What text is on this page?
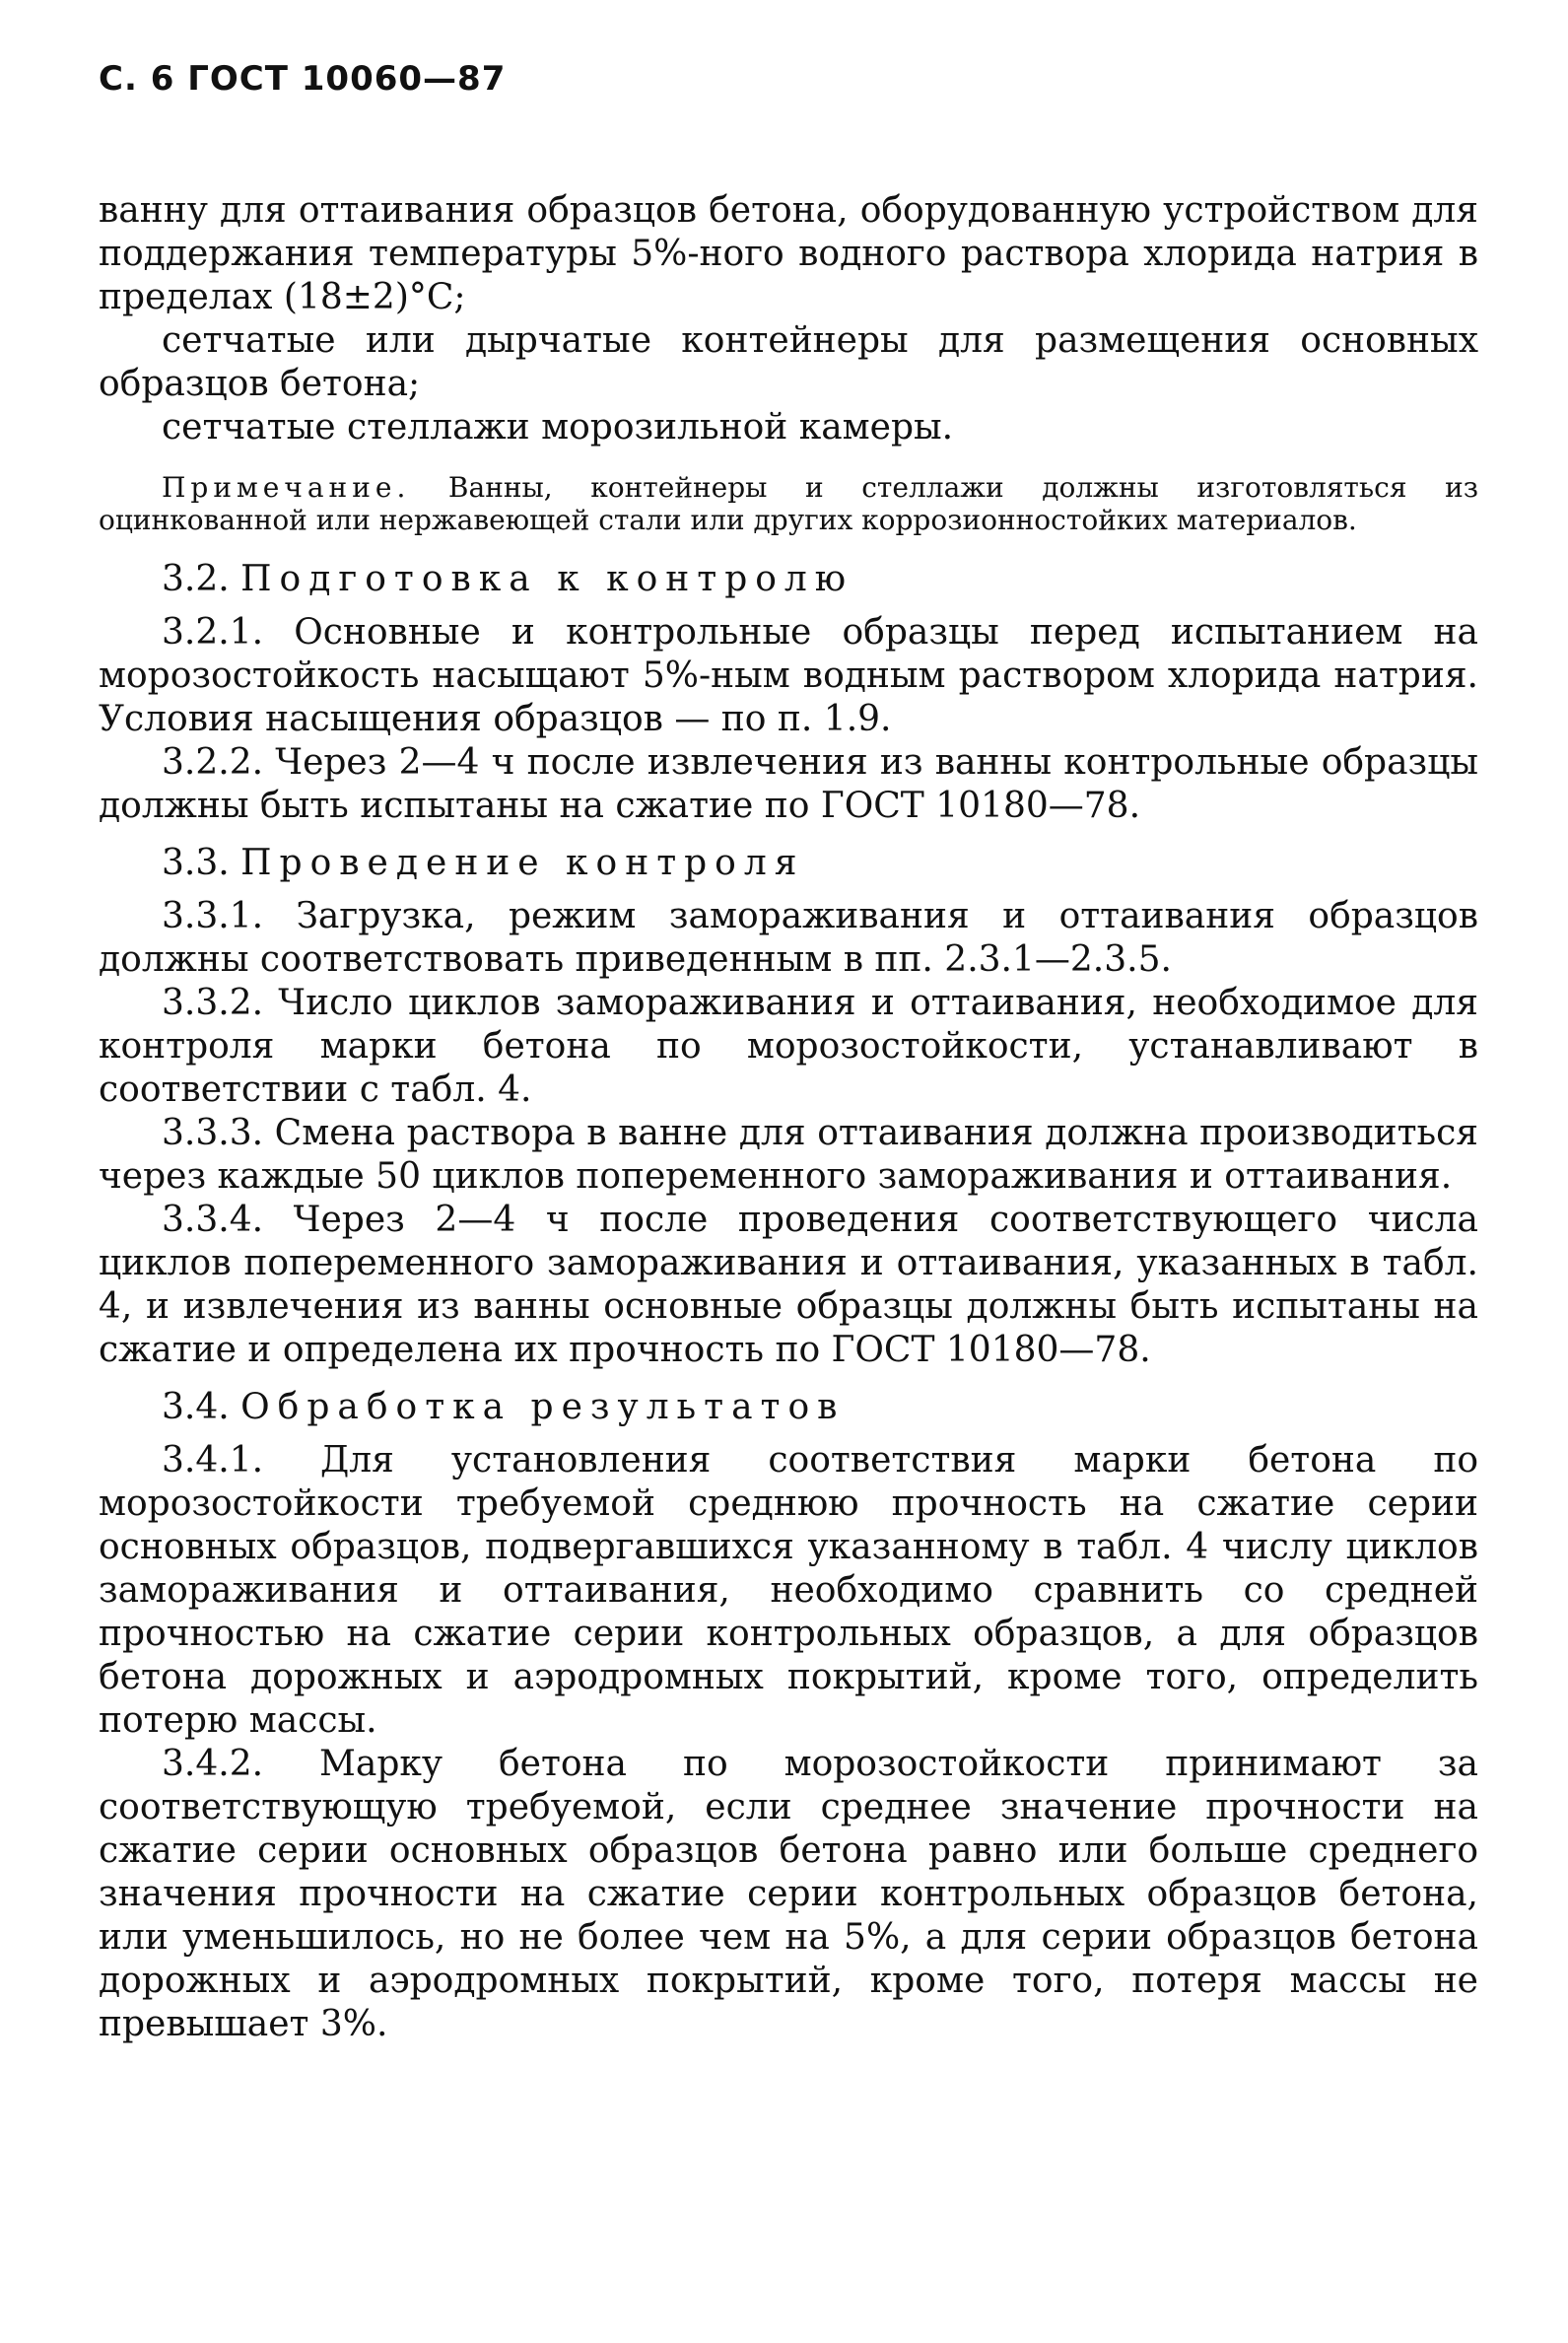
С. 6 ГОСТ 10060—87

ванну для оттаивания образцов бетона, оборудованную устройством для поддержания температуры 5%-ного водного раствора хлорида натрия в пределах (18±2)°С;

сетчатые или дырчатые контейнеры для размещения основных образцов бетона;

сетчатые стеллажи морозильной камеры.

Примечание. Ванны, контейнеры и стеллажи должны изготовляться из оцинкованной или нержавеющей стали или других коррозионностойких материалов.

3.2. Подготовка к контролю

3.2.1. Основные и контрольные образцы перед испытанием на морозостойкость насыщают 5%-ным водным раствором хлорида натрия. Условия насыщения образцов — по п. 1.9.

3.2.2. Через 2—4 ч после извлечения из ванны контрольные образцы должны быть испытаны на сжатие по ГОСТ 10180—78.

3.3. Проведение контроля

3.3.1. Загрузка, режим замораживания и оттаивания образцов должны соответствовать приведенным в пп. 2.3.1—2.3.5.

3.3.2. Число циклов замораживания и оттаивания, необходимое для контроля марки бетона по морозостойкости, устанавливают в соответствии с табл. 4.

3.3.3. Смена раствора в ванне для оттаивания должна производиться через каждые 50 циклов попеременного замораживания и оттаивания.

3.3.4. Через 2—4 ч после проведения соответствующего числа циклов попеременного замораживания и оттаивания, указанных в табл. 4, и извлечения из ванны основные образцы должны быть испытаны на сжатие и определена их прочность по ГОСТ 10180—78.

3.4. Обработка результатов

3.4.1. Для установления соответствия марки бетона по морозостойкости требуемой среднюю прочность на сжатие серии основных образцов, подвергавшихся указанному в табл. 4 числу циклов замораживания и оттаивания, необходимо сравнить со средней прочностью на сжатие серии контрольных образцов, а для образцов бетона дорожных и аэродромных покрытий, кроме того, определить потерю массы.

3.4.2. Марку бетона по морозостойкости принимают за соответствующую требуемой, если среднее значение прочности на сжатие серии основных образцов бетона равно или больше среднего значения прочности на сжатие серии контрольных образцов бетона, или уменьшилось, но не более чем на 5%, а для серии образцов бетона дорожных и аэродромных покрытий, кроме того, потеря массы не превышает 3%.
